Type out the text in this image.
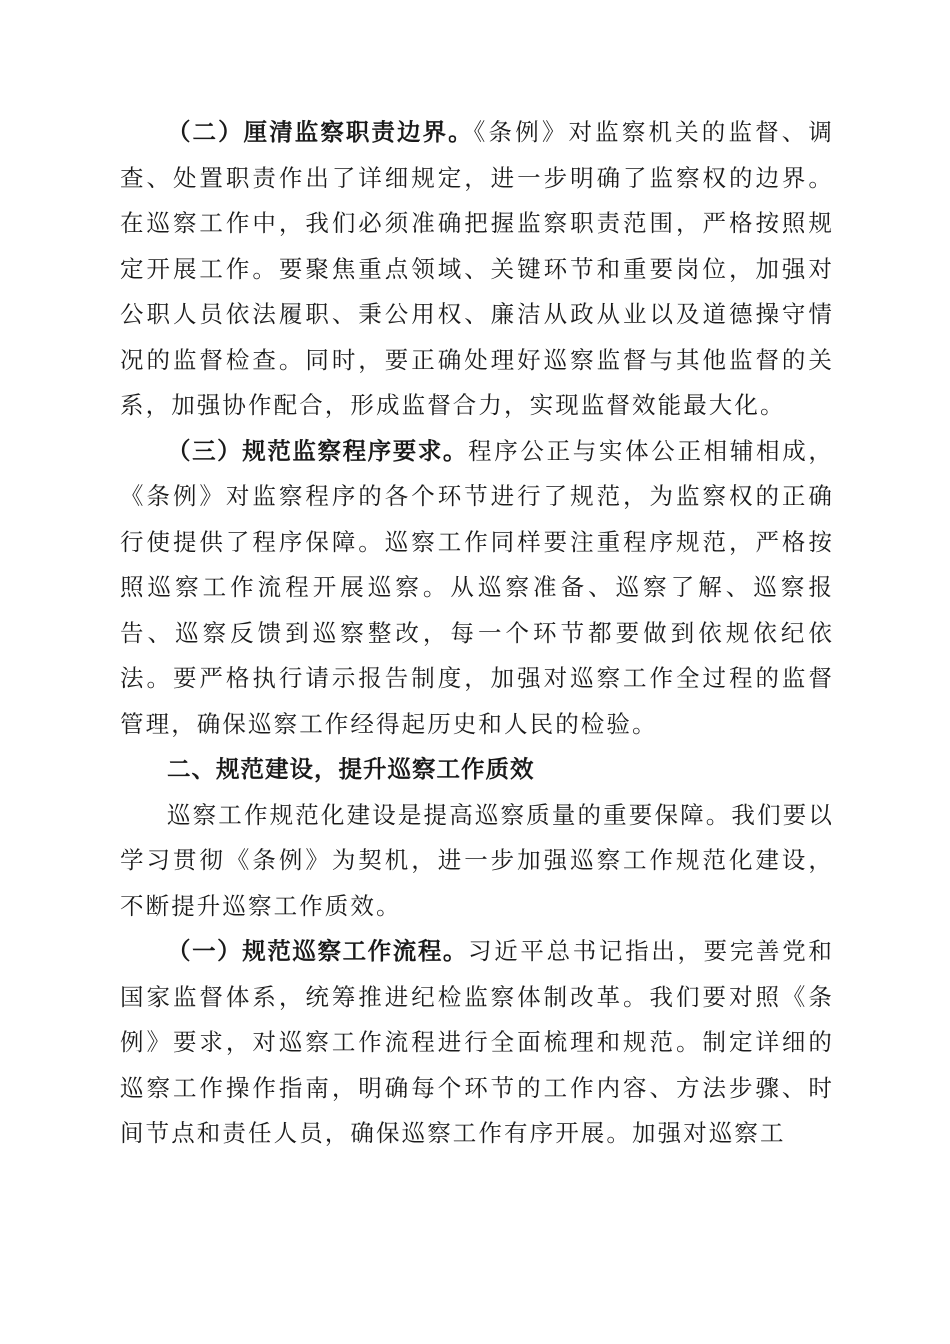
（二）厘清监察职责边界。《条例》对监察机关的监督、调查、处置职责作出了详细规定，进一步明确了监察权的边界。在巡察工作中，我们必须准确把握监察职责范围，严格按照规定开展工作。要聚焦重点领域、关键环节和重要岗位，加强对公职人员依法履职、秉公用权、廉洁从政从业以及道德操守情况的监督检查。同时，要正确处理好巡察监督与其他监督的关系，加强协作配合，形成监督合力，实现监督效能最大化。

（三）规范监察程序要求。程序公正与实体公正相辅相成，《条例》对监察程序的各个环节进行了规范，为监察权的正确行使提供了程序保障。巡察工作同样要注重程序规范，严格按照巡察工作流程开展巡察。从巡察准备、巡察了解、巡察报告、巡察反馈到巡察整改，每一个环节都要做到依规依纪依法。要严格执行请示报告制度，加强对巡察工作全过程的监督管理，确保巡察工作经得起历史和人民的检验。

二、规范建设，提升巡察工作质效

巡察工作规范化建设是提高巡察质量的重要保障。我们要以学习贯彻《条例》为契机，进一步加强巡察工作规范化建设，不断提升巡察工作质效。

（一）规范巡察工作流程。习近平总书记指出，要完善党和国家监督体系，统筹推进纪检监察体制改革。我们要对照《条例》要求，对巡察工作流程进行全面梳理和规范。制定详细的巡察工作操作指南，明确每个环节的工作内容、方法步骤、时间节点和责任人员，确保巡察工作有序开展。加强对巡察工
